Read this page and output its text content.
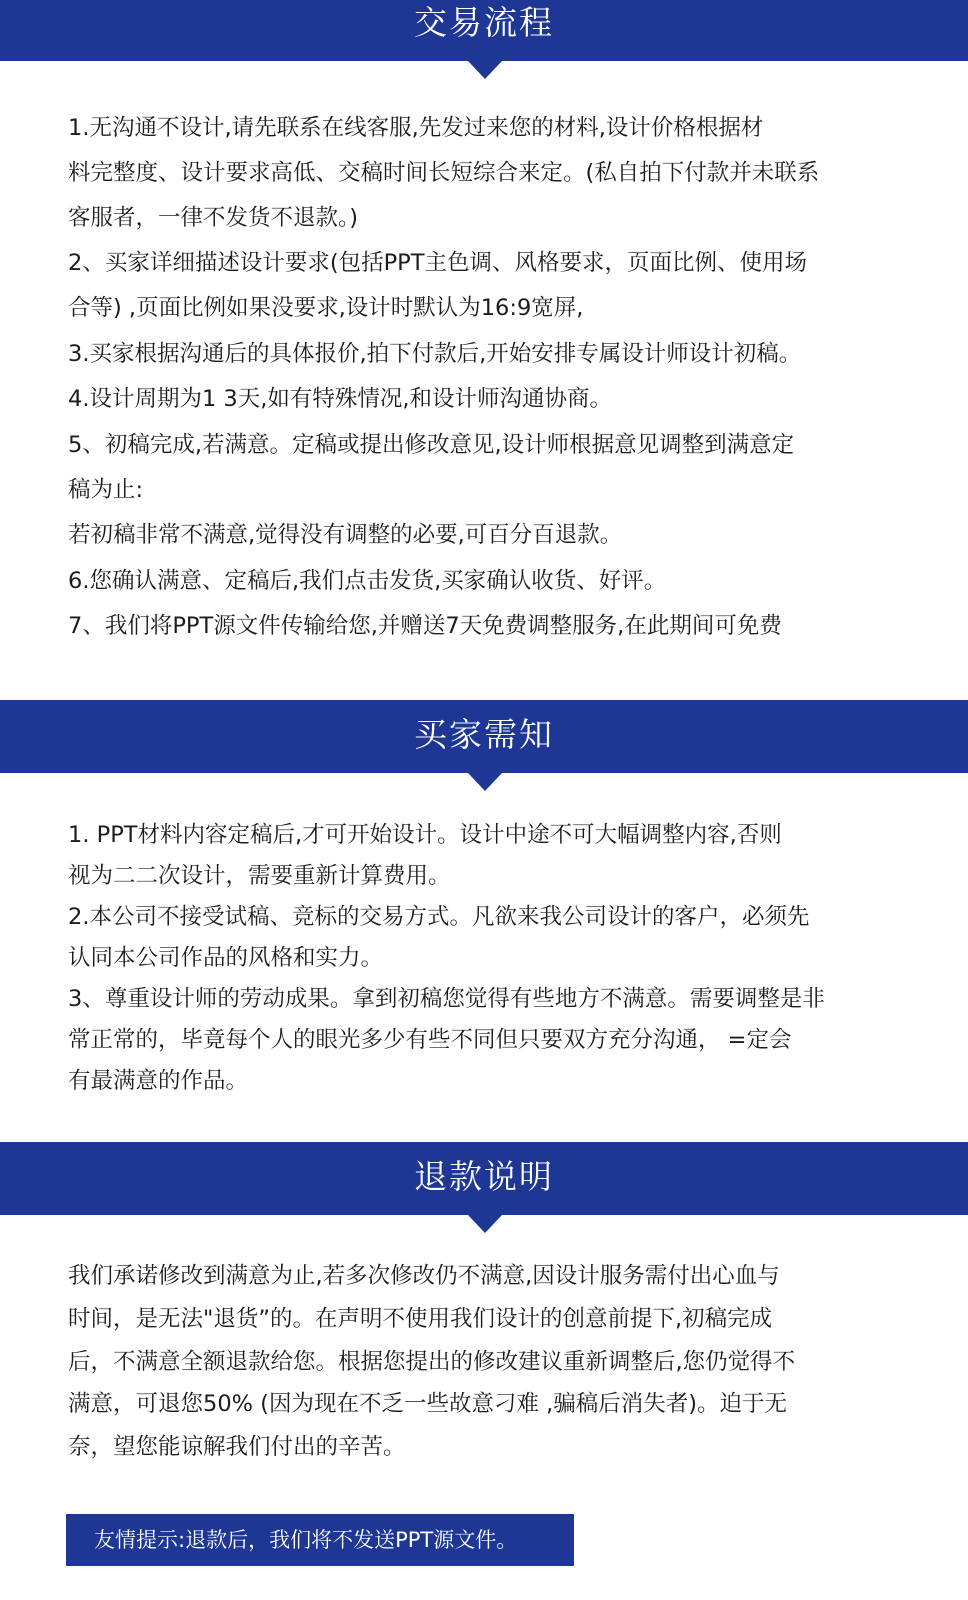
交易流程
1.无沟通不设计,请先联系在线客服,先发过来您的材料,设计价格根据材
料完整度、设计要求高低、交稿时间长短综合来定。(私自拍下付款并未联系
客服者，一律不发货不退款。)
2、买家详细描述设计要求(包括PPT主色调、风格要求，页面比例、使用场
合等) ,页面比例如果没要求,设计时默认为16:9宽屏,
3.买家根据沟通后的具体报价,拍下付款后,开始安排专属设计师设计初稿。
4.设计周期为1 3天,如有特殊情况,和设计师沟通协商。
5、初稿完成,若满意。定稿或提出修改意见,设计师根据意见调整到满意定
稿为止:
若初稿非常不满意,觉得没有调整的必要,可百分百退款。
6.您确认满意、定稿后,我们点击发货,买家确认收货、好评。
7、我们将PPT源文件传输给您,并赠送7天免费调整服务,在此期间可免费
买家需知
1. PPT材料内容定稿后,才可开始设计。设计中途不可大幅调整内容,否则
视为二二次设计，需要重新计算费用。
2.本公司不接受试稿、竞标的交易方式。凡欲来我公司设计的客户，必须先
认同本公司作品的风格和实力。
3、尊重设计师的劳动成果。拿到初稿您觉得有些地方不满意。需要调整是非
常正常的，毕竟每个人的眼光多少有些不同但只要双方充分沟通， =定会
有最满意的作品。
退款说明
我们承诺修改到满意为止,若多次修改仍不满意,因设计服务需付出心血与
时间，是无法"退货”的。在声明不使用我们设计的创意前提下,初稿完成
后，不满意全额退款给您。根据您提出的修改建议重新调整后,您仍觉得不
满意，可退您50% (因为现在不乏一些故意刁难 ,骗稿后消失者)。迫于无
奈，望您能谅解我们付出的辛苦。
友情提示:退款后，我们将不发送PPT源文件。
